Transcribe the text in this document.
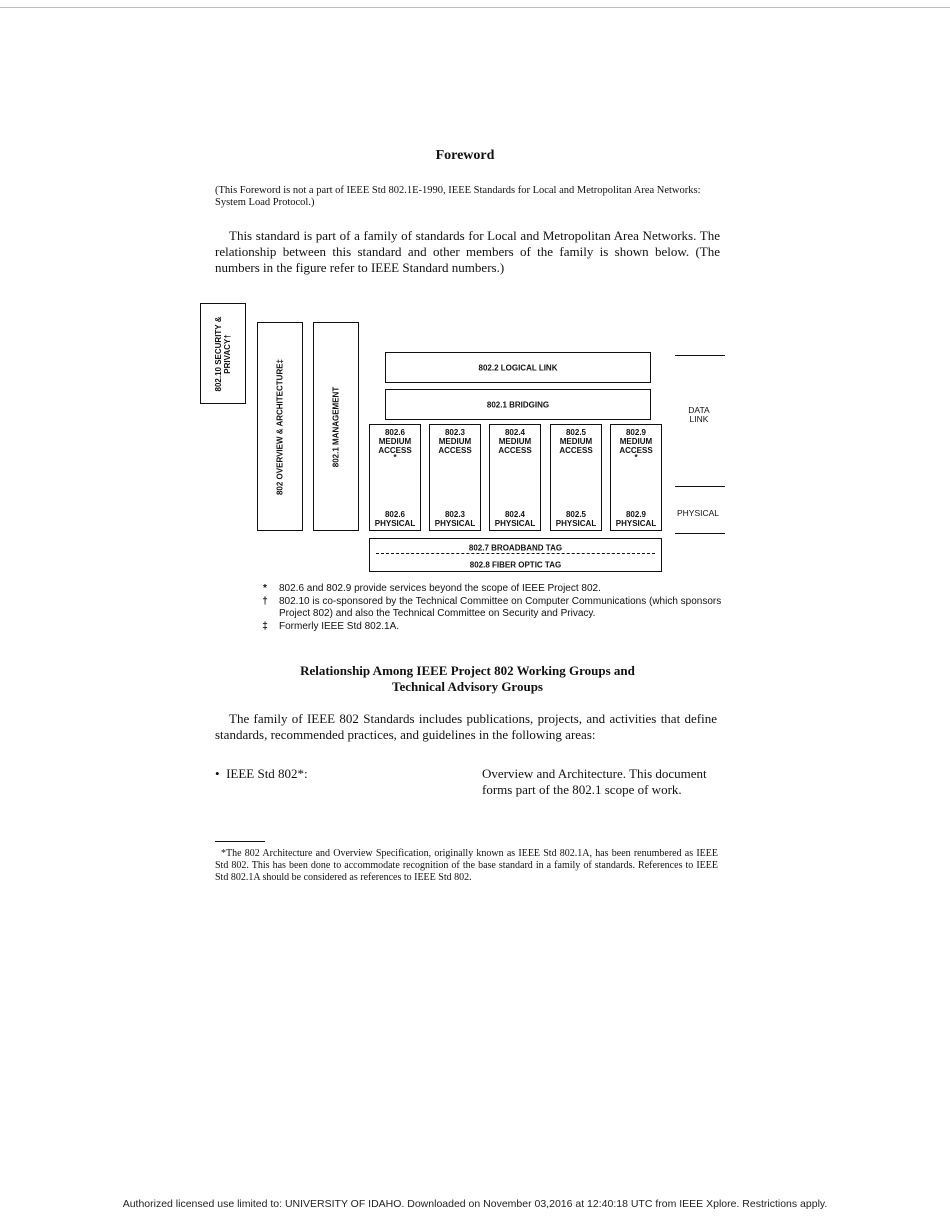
Foreword
(This Foreword is not a part of IEEE Std 802.1E-1990, IEEE Standards for Local and Metropolitan Area Networks: System Load Protocol.)
This standard is part of a family of standards for Local and Metropolitan Area Networks. The relationship between this standard and other members of the family is shown below. (The numbers in the figure refer to IEEE Standard numbers.)
802.10 SECURITY & PRIVACY†
802 OVERVIEW & ARCHITECTURE‡	802.1 MANAGEMENT
802.2 LOGICAL LINK
802.1 BRIDGING
802.6
MEDIUM ACCESS
*
802.6
PHYSICAL
802.3
MEDIUM ACCESS
802.3
PHYSICAL
802.4
MEDIUM ACCESS
802.4
PHYSICAL
802.5
MEDIUM ACCESS
802.5
PHYSICAL
802.9
MEDIUM ACCESS
*
802.9
PHYSICAL
802.7 BROADBAND TAG
802.8 FIBER OPTIC TAG
DATA LINK
PHYSICAL
*	802.6 and 802.9 provide services beyond the scope of IEEE Project 802.
†	802.10 is co-sponsored by the Technical Committee on Computer Communications (which sponsors Project 802) and also the Technical Committee on Security and Privacy.
‡	Formerly IEEE Std 802.1A.
Relationship Among IEEE Project 802 Working Groups and
Technical Advisory Groups
The family of IEEE 802 Standards includes publications, projects, and activities that define standards, recommended practices, and guidelines in the following areas:
•  IEEE Std 802*:	Overview and Architecture. This document forms part of the 802.1 scope of work.
*The 802 Architecture and Overview Specification, originally known as IEEE Std 802.1A, has been renumbered as IEEE Std 802. This has been done to accommodate recognition of the base standard in a family of standards. References to IEEE Std 802.1A should be considered as references to IEEE Std 802.
Authorized licensed use limited to: UNIVERSITY OF IDAHO. Downloaded on November 03,2016 at 12:40:18 UTC from IEEE Xplore. Restrictions apply.
